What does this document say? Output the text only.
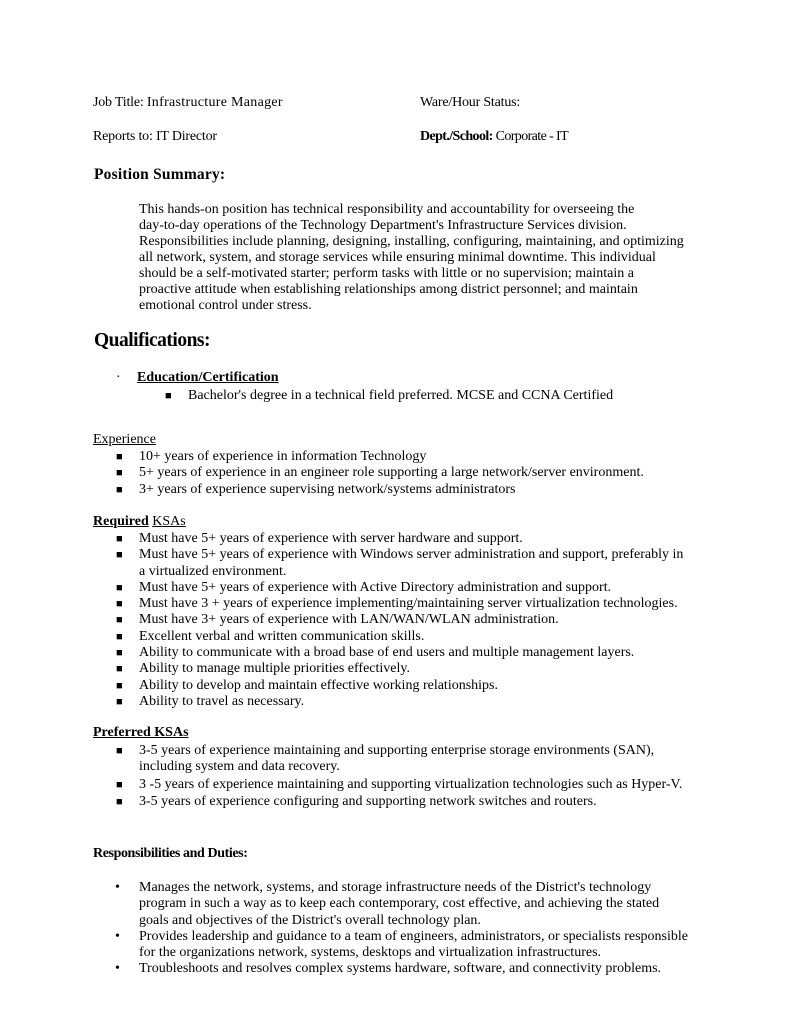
Job Title: Infrastructure Manager	Ware/Hour Status:
Reports to: IT Director	Dept./School: Corporate - IT
Position Summary:
This hands-on position has technical responsibility and accountability for overseeing the
day-to-day operations of the Technology Department's Infrastructure Services division.
Responsibilities include planning, designing, installing, configuring, maintaining, and optimizing
all network, system, and storage services while ensuring minimal downtime. This individual
should be a self-motivated starter; perform tasks with little or no supervision; maintain a
proactive attitude when establishing relationships among district personnel; and maintain
emotional control under stress.
Qualifications:
· Education/Certification
■ Bachelor's degree in a technical field preferred. MCSE and CCNA Certified
Experience
■ 10+ years of experience in information Technology
■ 5+ years of experience in an engineer role supporting a large network/server environment.
■ 3+ years of experience supervising network/systems administrators
Required KSAs
■ Must have 5+ years of experience with server hardware and support.
■ Must have 5+ years of experience with Windows server administration and support, preferably in
a virtualized environment.
■ Must have 5+ years of experience with Active Directory administration and support.
■ Must have 3 + years of experience implementing/maintaining server virtualization technologies.
■ Must have 3+ years of experience with LAN/WAN/WLAN administration.
■ Excellent verbal and written communication skills.
■ Ability to communicate with a broad base of end users and multiple management layers.
■ Ability to manage multiple priorities effectively.
■ Ability to develop and maintain effective working relationships.
■ Ability to travel as necessary.
Preferred KSAs
■ 3-5 years of experience maintaining and supporting enterprise storage environments (SAN),
including system and data recovery.
■ 3 -5 years of experience maintaining and supporting virtualization technologies such as Hyper-V.
■ 3-5 years of experience configuring and supporting network switches and routers.
Responsibilities and Duties:
• Manages the network, systems, and storage infrastructure needs of the District's technology
program in such a way as to keep each contemporary, cost effective, and achieving the stated
goals and objectives of the District's overall technology plan.
• Provides leadership and guidance to a team of engineers, administrators, or specialists responsible
for the organizations network, systems, desktops and virtualization infrastructures.
• Troubleshoots and resolves complex systems hardware, software, and connectivity problems.
